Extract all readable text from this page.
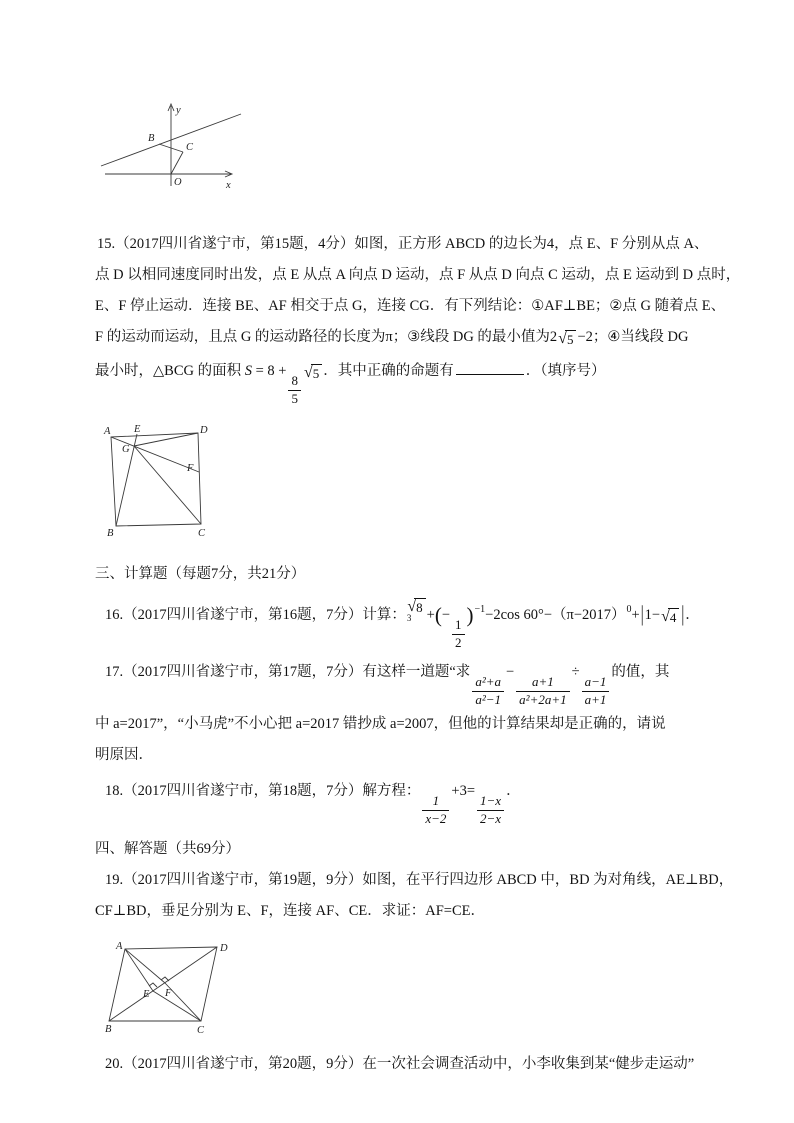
y
x
O
B
C
15.（2017四川省遂宁市，第15题，4分）如图，正方形 ABCD 的边长为4，点 E、F 分别从点 A、
点 D 以相同速度同时出发，点 E 从点 A 向点 D 运动，点 F 从点 D 向点 C 运动，点 E 运动到 D 点时，
E、F 停止运动．连接 BE、AF 相交于点 G，连接 CG．有下列结论：①AF⊥BE；②点 G 随着点 E、
F 的运动而运动，且点 G 的运动路径的长度为π；③线段 DG 的最小值为2 √ 5 −2；④当线段 DG
最小时，△BCG 的面积 S = 8 +
$\frac{8}{5}$
√ 5 ．其中正确的命题有	．（填序号）
A E	D
G
F
B	C
三、计算题（每题7分，共21分）
16.（2017四川省遂宁市，第16题，7分）计算： 3
√ 8 +(−
$\frac{1}{2}$
)$^{-1}$−2cos $60^\circ-(\pi-2017)^0+|1-$ √ 4 |．
17.（2017四川省遂宁市，第17题，7分）有这样一道题“求
$\frac{\text{a²+a}}{\text{a²−1}}$
−
$\frac{a+1}{\text{a²+2a+1}}$
÷
$\frac{a-1}{a+1}$
的值，其
中 a=2017”，“小马虎”不小心把 a=2017 错抄成 a=2007，但他的计算结果却是正确的，请说
明原因．
18.（2017四川省遂宁市，第18题，7分）解方程：
$\frac{1}{x-2}$
+3=
$\frac{1-x}{2-x}$
．
四、解答题（共69分）
19.（2017四川省遂宁市，第19题，9分）如图，在平行四边形 ABCD 中，BD 为对角线，AE⊥BD，
CF⊥BD，垂足分别为 E、F，连接 AF、CE．求证：AF=CE．
A	D
E F
B	C
20.（2017四川省遂宁市，第20题，9分）在一次社会调查活动中，小李收集到某“健步走运动”
